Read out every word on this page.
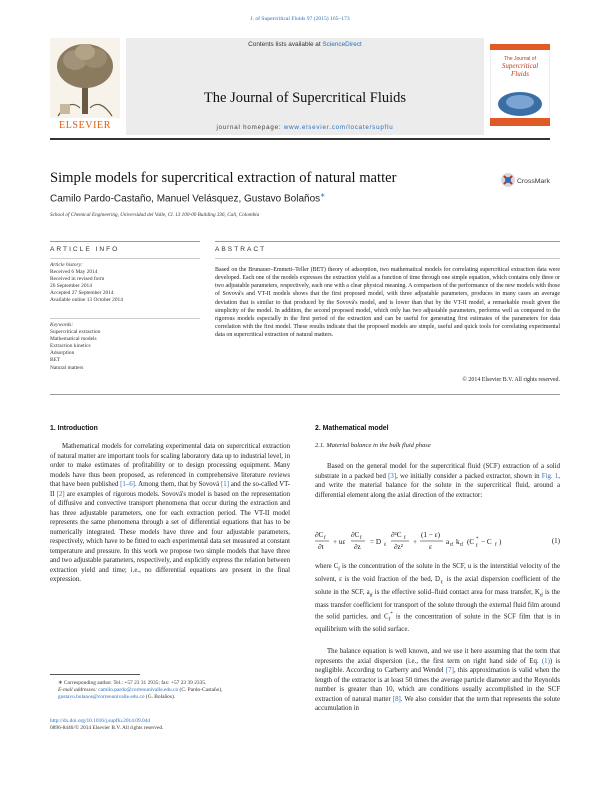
J. of Supercritical Fluids 97 (2015) 165–173
Contents lists available at ScienceDirect
The Journal of Supercritical Fluids
journal homepage: www.elsevier.com/locate/supflu
ELSEVIER
The Journal of
Supercritical
Fluids
Simple models for supercritical extraction of natural matter	CrossMark
Camilo Pardo-Castaño, Manuel Velásquez, Gustavo Bolaños∗
School of Chemical Engineering, Universidad del Valle, Cl. 13 100-00 Building 336, Cali, Colombia
ARTICLE INFO	ABSTRACT
Article history:
Received 6 May 2014
Received in revised form
26 September 2014
Accepted 27 September 2014
Available online 13 October 2014
Keywords:
Supercritical extraction
Mathematical models
Extraction kinetics
Adsorption
BET
Natural matters
Based on the Brunauer–Emmett–Teller (BET) theory of adsorption, two mathematical models for correlating supercritical extraction data were developed. Each one of the models expresses the extraction yield as a function of time through one simple equation, which contains only three or two adjustable parameters, respectively, each one with a clear physical meaning. A comparison of the performance of the new models with those of Sovová's and VT-II models shows that the first proposed model, with three adjustable parameters, produces in many cases an average deviation that is similar to that produced by the Sovová's model, and is lower than that by the VT-II model, a remarkable result given the simplicity of the model. In addition, the second proposed model, which only has two adjustable parameters, performs well as compared to the rigorous models especially in the first period of the extraction and can be useful for generating first estimates of the parameters for data correlation with the first model. These results indicate that the proposed models are simple, useful and quick tools for correlating experimental data on supercritical extraction of natural matters.
© 2014 Elsevier B.V. All rights reserved.
1. Introduction
Mathematical models for correlating experimental data on supercritical extraction of natural matter are important tools for scaling laboratory data up to industrial level, in order to make estimates of profitability or to design processing equipment. Many models have thus been proposed, as referenced in comprehensive literature reviews that have been published [1–6]. Among them, that by Sovová [1] and the so-called VT-II [2] are examples of rigorous models. Sovová's model is based on the representation of diffusive and convective transport phenomena that occur during the extraction and has three adjustable parameters, one for each extraction period. The VT-II model represents the same phenomena through a set of differential equations that has to be numerically integrated. These models have three and four adjustable parameters, respectively, which have to be fitted to each experimental data set measured at constant temperature and pressure. In this work we propose two simple models that have three and two adjustable parameters, respectively, and explicitly express the relation between extraction yield and time; i.e., no differential equations are present in the final expression.
∗ Corresponding author. Tel.: +57 23 31 2935; fax: +57 23 39 2335.
E-mail addresses: camilo.pardo@correounivalle.edu.co (C. Pardo-Castaño),
gustavo.bolanos@correounivalle.edu.co (G. Bolaños).
http://dx.doi.org/10.1016/j.supflu.2014.09.044
0896-8446/© 2014 Elsevier B.V. All rights reserved.
2. Mathematical model
2.1. Material balance in the bulk fluid phase
Based on the general model for the supercritical fluid (SCF) extraction of a solid substrate in a packed bed [3], we initially consider a packed extractor, shown in Fig. 1, and write the material balance for the solute in the supercritical fluid, around a differential element along the axial direction of the extractor:
∂C f
∂t
+ uε
∂C f
∂z
= D ℓ
∂²C f
∂z²
+
(1 − ε)
ε
a tf k tf (C *
f
− C f )	(1)
where $C_f$ is the concentration of the solute in the SCF, u is the interstitial velocity of the solvent, ε is the void fraction of the bed, $D_\ell$ is the axial dispersion coefficient of the solute in the SCF, $a_{tf}$ is the effective solid–fluid contact area for mass transfer, $K_{tf}$ is the mass transfer coefficient for transport of the solute through the external fluid film around the solid particles, and $C_f^*$ is the concentration of solute in the SCF film that is in equilibrium with the solid surface.
The balance equation is well known, and we use it here assuming that the term that represents the axial dispersion (i.e., the first term on right hand side of Eq. (1)) is negligible. According to Carberry and Wendel [7], this approximation is valid when the length of the extractor is at least 50 times the average particle diameter and the Reynolds number is greater than 10, which are conditions usually accomplished in the SCF extraction of natural matter [8]. We also consider that the term that represents the solute accumulation in
